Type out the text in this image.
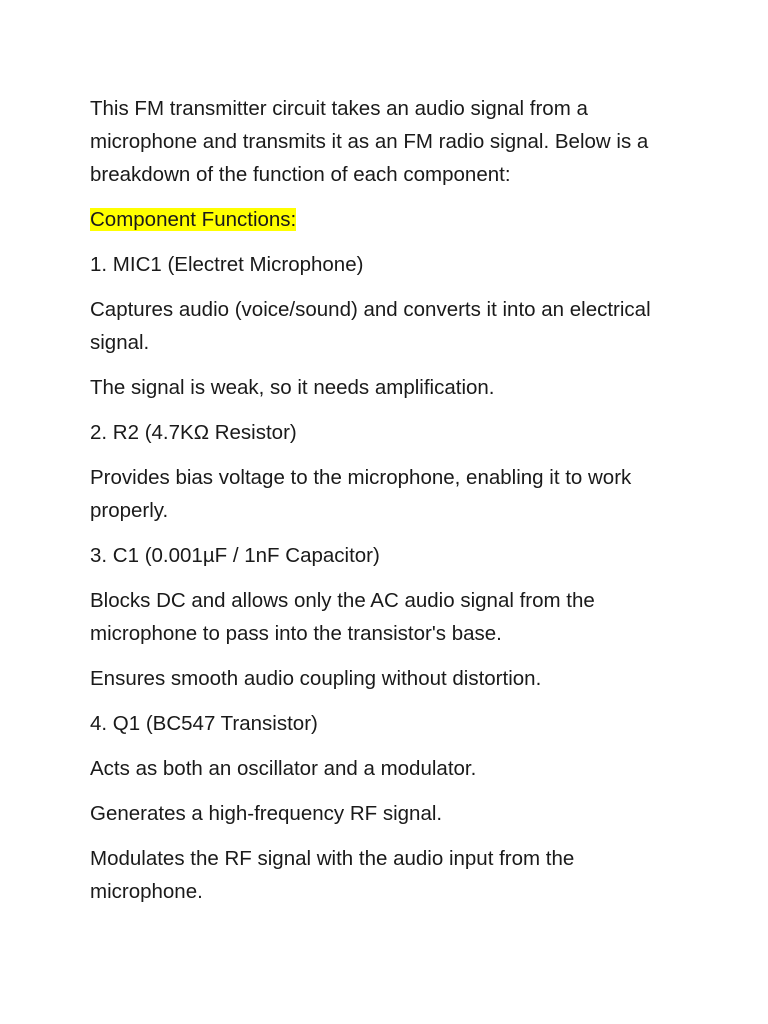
This FM transmitter circuit takes an audio signal from a microphone and transmits it as an FM radio signal. Below is a breakdown of the function of each component:

Component Functions:

1. MIC1 (Electret Microphone)

Captures audio (voice/sound) and converts it into an electrical signal.

The signal is weak, so it needs amplification.

2. R2 (4.7KΩ Resistor)

Provides bias voltage to the microphone, enabling it to work properly.

3. C1 (0.001µF / 1nF Capacitor)

Blocks DC and allows only the AC audio signal from the microphone to pass into the transistor's base.

Ensures smooth audio coupling without distortion.

4. Q1 (BC547 Transistor)

Acts as both an oscillator and a modulator.

Generates a high-frequency RF signal.

Modulates the RF signal with the audio input from the microphone.
